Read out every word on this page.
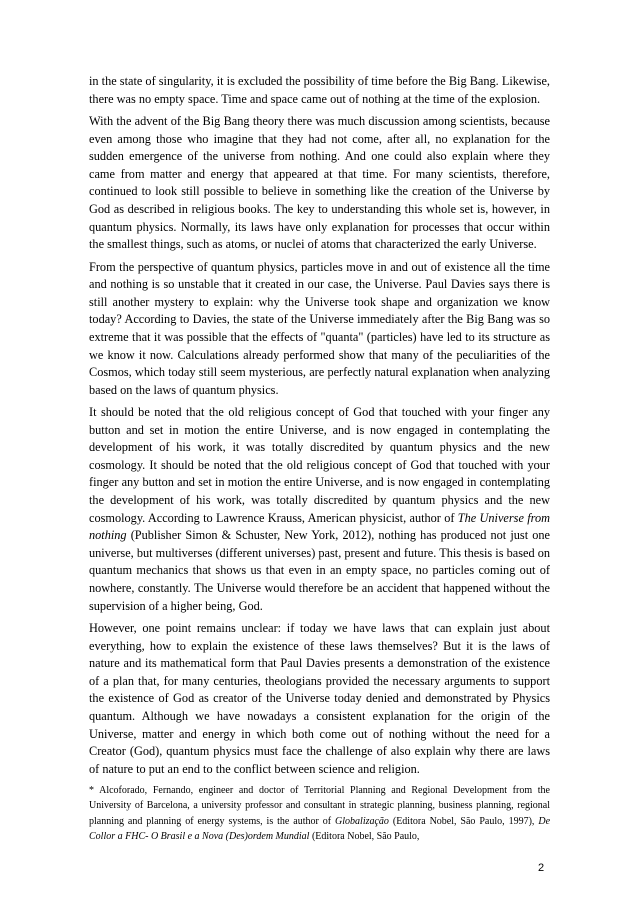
in the state of singularity, it is excluded the possibility of time before the Big Bang. Likewise, there was no empty space. Time and space came out of nothing at the time of the explosion.

With the advent of the Big Bang theory there was much discussion among scientists, because even among those who imagine that they had not come, after all, no explanation for the sudden emergence of the universe from nothing. And one could also explain where they came from matter and energy that appeared at that time. For many scientists, therefore, continued to look still possible to believe in something like the creation of the Universe by God as described in religious books. The key to understanding this whole set is, however, in quantum physics. Normally, its laws have only explanation for processes that occur within the smallest things, such as atoms, or nuclei of atoms that characterized the early Universe.

From the perspective of quantum physics, particles move in and out of existence all the time and nothing is so unstable that it created in our case, the Universe. Paul Davies says there is still another mystery to explain: why the Universe took shape and organization we know today? According to Davies, the state of the Universe immediately after the Big Bang was so extreme that it was possible that the effects of "quanta" (particles) have led to its structure as we know it now. Calculations already performed show that many of the peculiarities of the Cosmos, which today still seem mysterious, are perfectly natural explanation when analyzing based on the laws of quantum physics.

It should be noted that the old religious concept of God that touched with your finger any button and set in motion the entire Universe, and is now engaged in contemplating the development of his work, it was totally discredited by quantum physics and the new cosmology. It should be noted that the old religious concept of God that touched with your finger any button and set in motion the entire Universe, and is now engaged in contemplating the development of his work, was totally discredited by quantum physics and the new cosmology. According to Lawrence Krauss, American physicist, author of The Universe from nothing (Publisher Simon & Schuster, New York, 2012), nothing has produced not just one universe, but multiverses (different universes) past, present and future. This thesis is based on quantum mechanics that shows us that even in an empty space, no particles coming out of nowhere, constantly. The Universe would therefore be an accident that happened without the supervision of a higher being, God.

However, one point remains unclear: if today we have laws that can explain just about everything, how to explain the existence of these laws themselves? But it is the laws of nature and its mathematical form that Paul Davies presents a demonstration of the existence of a plan that, for many centuries, theologians provided the necessary arguments to support the existence of God as creator of the Universe today denied and demonstrated by Physics quantum. Although we have nowadays a consistent explanation for the origin of the Universe, matter and energy in which both come out of nothing without the need for a Creator (God), quantum physics must face the challenge of also explain why there are laws of nature to put an end to the conflict between science and religion.

* Alcoforado, Fernando, engineer and doctor of Territorial Planning and Regional Development from the University of Barcelona, a university professor and consultant in strategic planning, business planning, regional planning and planning of energy systems, is the author of Globalização (Editora Nobel, São Paulo, 1997), De Collor a FHC- O Brasil e a Nova (Des)ordem Mundial (Editora Nobel, São Paulo,

2
